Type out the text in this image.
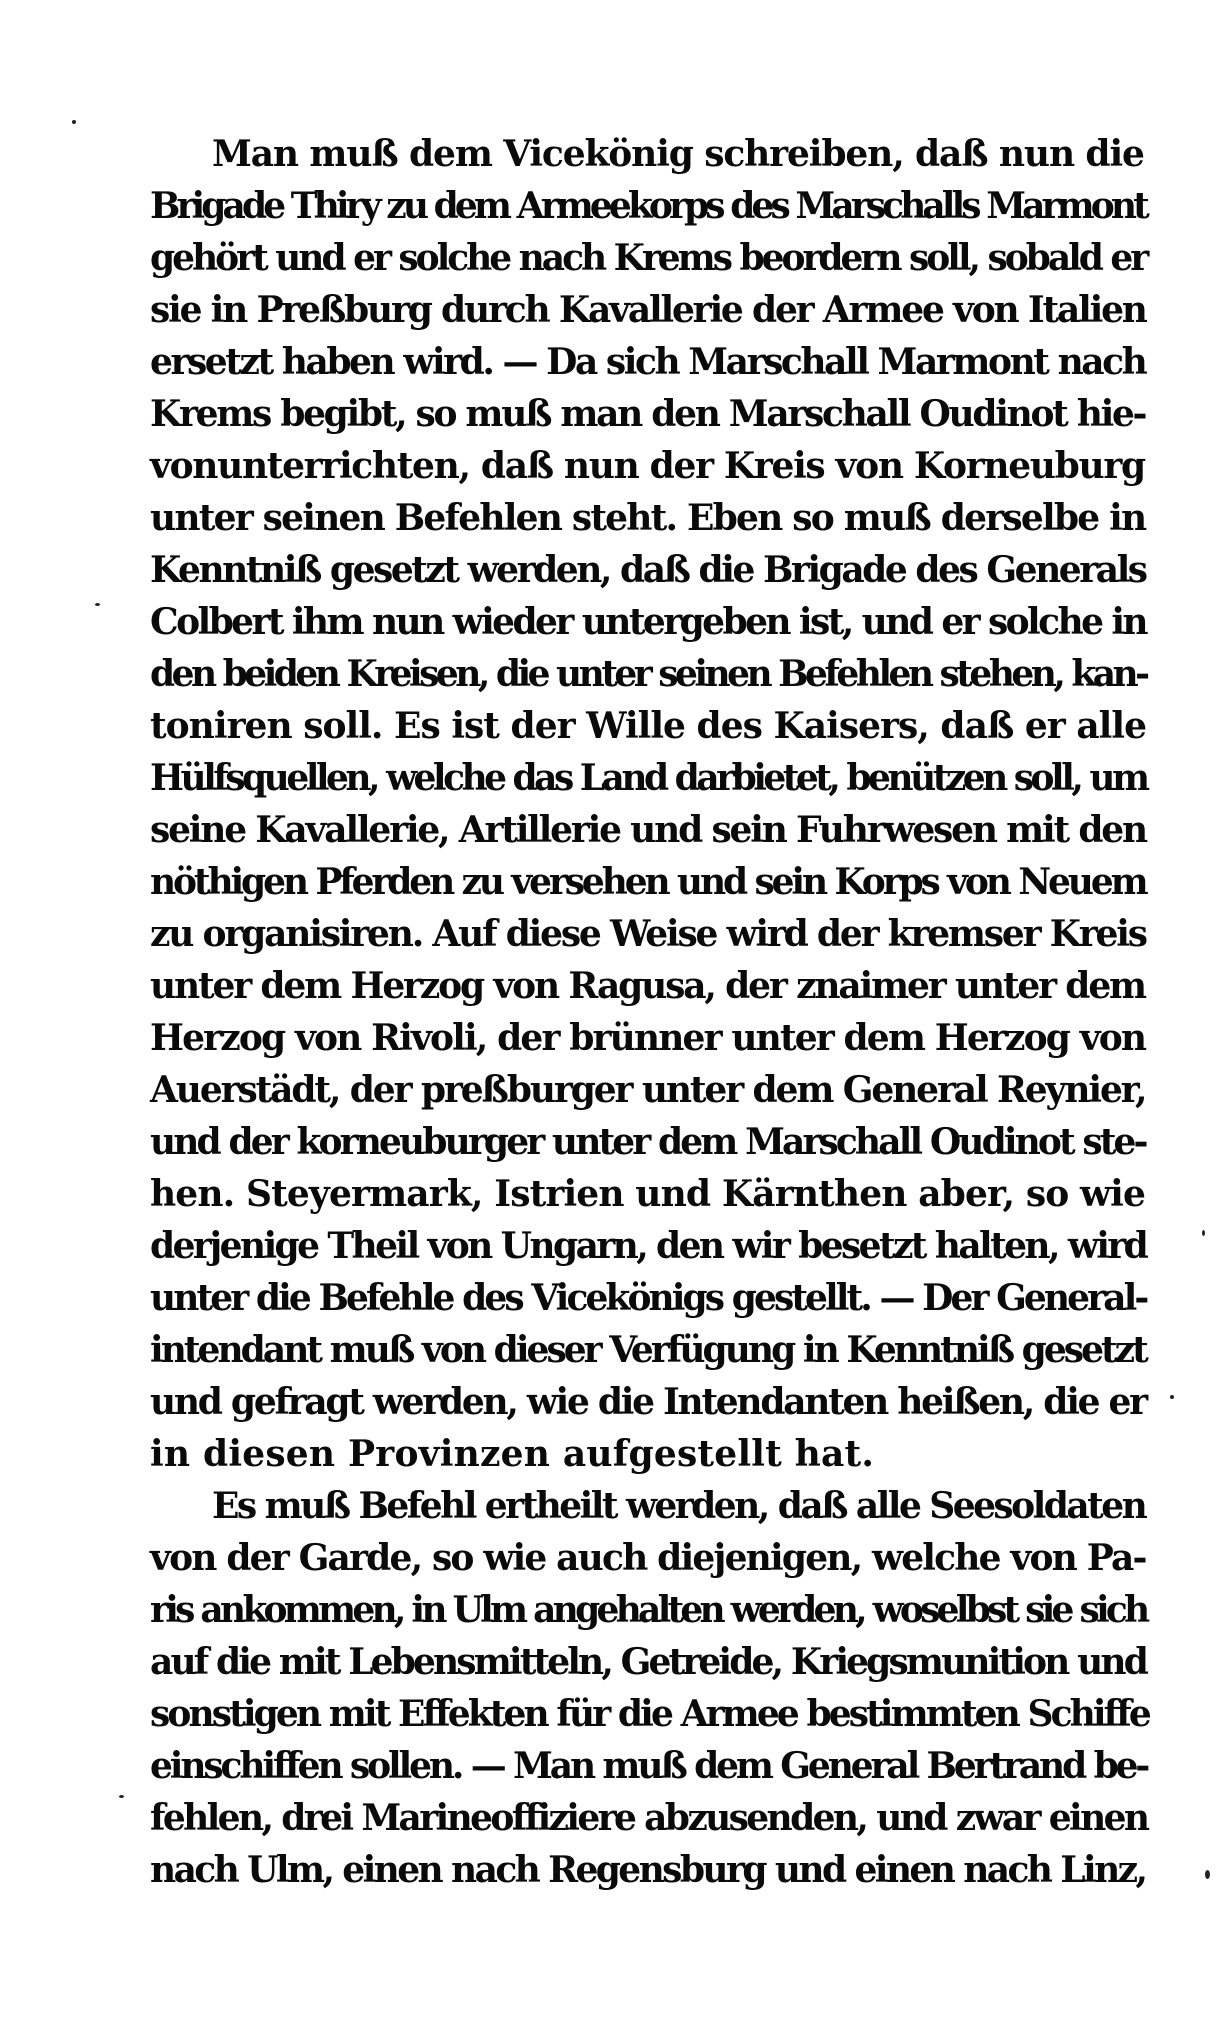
Man muß dem Vicekönig schreiben, daß nun die
Brigade Thiry zu dem Armeekorps des Marschalls Marmont
gehört und er solche nach Krems beordern soll, sobald er
sie in Preßburg durch Kavallerie der Armee von Italien
ersetzt haben wird. — Da sich Marschall Marmont nach
Krems begibt, so muß man den Marschall Oudinot hie-
vonunterrichten, daß nun der Kreis von Korneuburg
unter seinen Befehlen steht. Eben so muß derselbe in
Kenntniß gesetzt werden, daß die Brigade des Generals
Colbert ihm nun wieder untergeben ist, und er solche in
den beiden Kreisen, die unter seinen Befehlen stehen, kan-
toniren soll. Es ist der Wille des Kaisers, daß er alle
Hülfsquellen, welche das Land darbietet, benützen soll, um
seine Kavallerie, Artillerie und sein Fuhrwesen mit den
nöthigen Pferden zu versehen und sein Korps von Neuem
zu organisiren. Auf diese Weise wird der kremser Kreis
unter dem Herzog von Ragusa, der znaimer unter dem
Herzog von Rivoli, der brünner unter dem Herzog von
Auerstädt, der preßburger unter dem General Reynier,
und der korneuburger unter dem Marschall Oudinot ste-
hen. Steyermark, Istrien und Kärnthen aber, so wie
derjenige Theil von Ungarn, den wir besetzt halten, wird
unter die Befehle des Vicekönigs gestellt. — Der General-
intendant muß von dieser Verfügung in Kenntniß gesetzt
und gefragt werden, wie die Intendanten heißen, die er
in diesen Provinzen aufgestellt hat.
Es muß Befehl ertheilt werden, daß alle Seesoldaten
von der Garde, so wie auch diejenigen, welche von Pa-
ris ankommen, in Ulm angehalten werden, woselbst sie sich
auf die mit Lebensmitteln, Getreide, Kriegsmunition und
sonstigen mit Effekten für die Armee bestimmten Schiffe
einschiffen sollen. — Man muß dem General Bertrand be-
fehlen, drei Marineoffiziere abzusenden, und zwar einen
nach Ulm, einen nach Regensburg und einen nach Linz,
